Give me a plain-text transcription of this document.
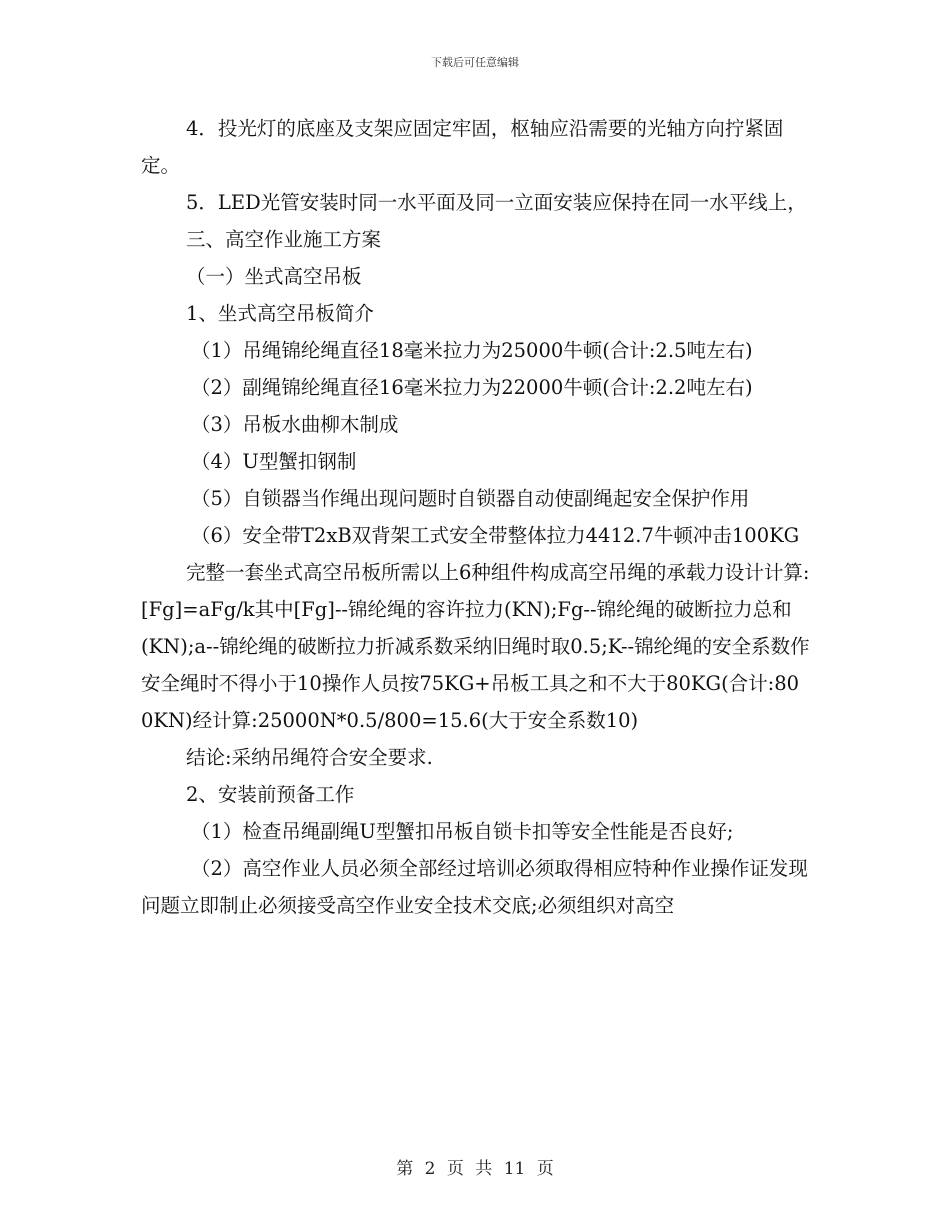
下载后可任意编辑

4．投光灯的底座及支架应固定牢固，枢轴应沿需要的光轴方向拧紧固定。

5．LED光管安装时同一水平面及同一立面安装应保持在同一水平线上，

三、高空作业施工方案

（一）坐式高空吊板

1、坐式高空吊板简介

（1）吊绳锦纶绳直径18毫米拉力为25000牛顿(合计:2.5吨左右)

（2）副绳锦纶绳直径16毫米拉力为22000牛顿(合计:2.2吨左右)

（3）吊板水曲柳木制成

（4）U型蟹扣钢制

（5）自锁器当作绳出现问题时自锁器自动使副绳起安全保护作用

（6）安全带T2xB双背架工式安全带整体拉力4412.7牛顿冲击100KG

完整一套坐式高空吊板所需以上6种组件构成高空吊绳的承载力设计计算:[Fg]=aFg/k其中[Fg]--锦纶绳的容许拉力(KN);Fg--锦纶绳的破断拉力总和(KN);a--锦纶绳的破断拉力折减系数采纳旧绳时取0.5;K--锦纶绳的安全系数作安全绳时不得小于10操作人员按75KG+吊板工具之和不大于80KG(合计:800KN)经计算:25000N*0.5/800=15.6(大于安全系数10)

结论:采纳吊绳符合安全要求.

2、安装前预备工作

（1）检查吊绳副绳U型蟹扣吊板自锁卡扣等安全性能是否良好;

（2）高空作业人员必须全部经过培训必须取得相应特种作业操作证发现问题立即制止必须接受高空作业安全技术交底;必须组织对高空

第 2 页 共 11 页
